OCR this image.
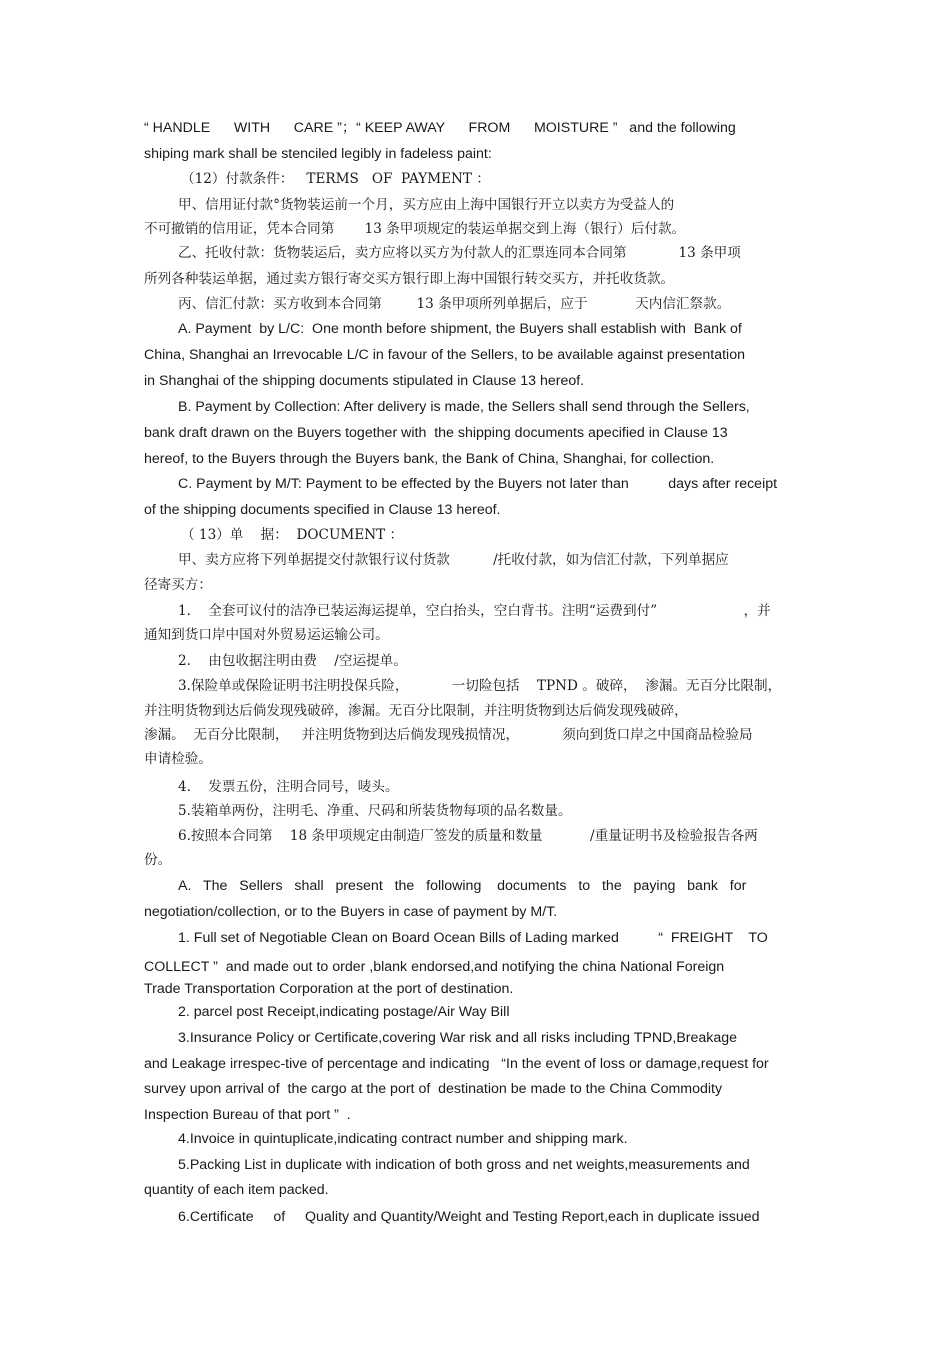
“ HANDLE      WITH      CARE ”；“ KEEP AWAY      FROM      MOISTURE ”   and the following
shiping mark shall be stenciled legibly in fadeless paint:
（12）付款条件：   TERMS   OF  PAYMENT ：
甲、信用证付款°货物装运前一个月，买方应由上海中国银行开立以卖方为受益人的
不可撤销的信用证，凭本合同第       13 条甲项规定的装运单据交到上海（银行）后付款。
乙、托收付款：货物装运后，卖方应将以买方为付款人的汇票连同本合同第            13 条甲项
所列各种装运单据，通过卖方银行寄交买方银行即上海中国银行转交买方，并托收货款。
丙、信汇付款：买方收到本合同第        13 条甲项所列单据后，应于           天内信汇祭款。
A. Payment  by L/C:  One month before shipment, the Buyers shall establish with  Bank of
China, Shanghai an Irrevocable L/C in favour of the Sellers, to be available against presentation
in Shanghai of the shipping documents stipulated in Clause 13 hereof.
B. Payment by Collection: After delivery is made, the Sellers shall send through the Sellers,
bank draft drawn on the Buyers together with  the shipping documents apecified in Clause 13
hereof, to the Buyers through the Buyers bank, the Bank of China, Shanghai, for collection.
C. Payment by M/T: Payment to be effected by the Buyers not later than          days after receipt
of the shipping documents specified in Clause 13 hereof.
（ 13）单    据：  DOCUMENT ：
甲、卖方应将下列单据提交付款银行议付货款          /托收付款，如为信汇付款，下列单据应
径寄买方：
1.    全套可议付的洁净已装运海运提单，空白抬头，空白背书。注明“运费到付”                    ，并
通知到货口岸中国对外贸易运运输公司。
2.    由包收据注明由费    /空运提单。
3.保险单或保险证明书注明投保兵险，          一切险包括    TPND 。破碎，  渗漏。无百分比限制，
并注明货物到达后倘发现残破碎，渗漏。无百分比限制，并注明货物到达后倘发现残破碎，
渗漏。  无百分比限制，   并注明货物到达后倘发现残损情况，          须向到货口岸之中国商品检验局
申请检验。
4.    发票五份，注明合同号，唛头。
5.装箱单两份，注明毛、净重、尺码和所装货物每项的品名数量。
6.按照本合同第    18 条甲项规定由制造厂签发的质量和数量           /重量证明书及检验报告各两
份。
A.   The   Sellers   shall   present   the   following    documents   to   the   paying   bank   for
negotiation/collection, or to the Buyers in case of payment by M/T.
1. Full set of Negotiable Clean on Board Ocean Bills of Lading marked          “  FREIGHT    TO
COLLECT ”  and made out to order ,blank endorsed,and notifying the china National Foreign
Trade Transportation Corporation at the port of destination.
2. parcel post Receipt,indicating postage/Air Way Bill
3.Insurance Policy or Certificate,covering War risk and all risks including TPND,Breakage
and Leakage irrespec-tive of percentage and indicating   “In the event of loss or damage,request for
survey upon arrival of  the cargo at the port of  destination be made to the China Commodity
Inspection Bureau of that port ”  .
4.Invoice in quintuplicate,indicating contract number and shipping mark.
5.Packing List in duplicate with indication of both gross and net weights,measurements and
quantity of each item packed.
6.Certificate     of     Quality and Quantity/Weight and Testing Report,each in duplicate issued
